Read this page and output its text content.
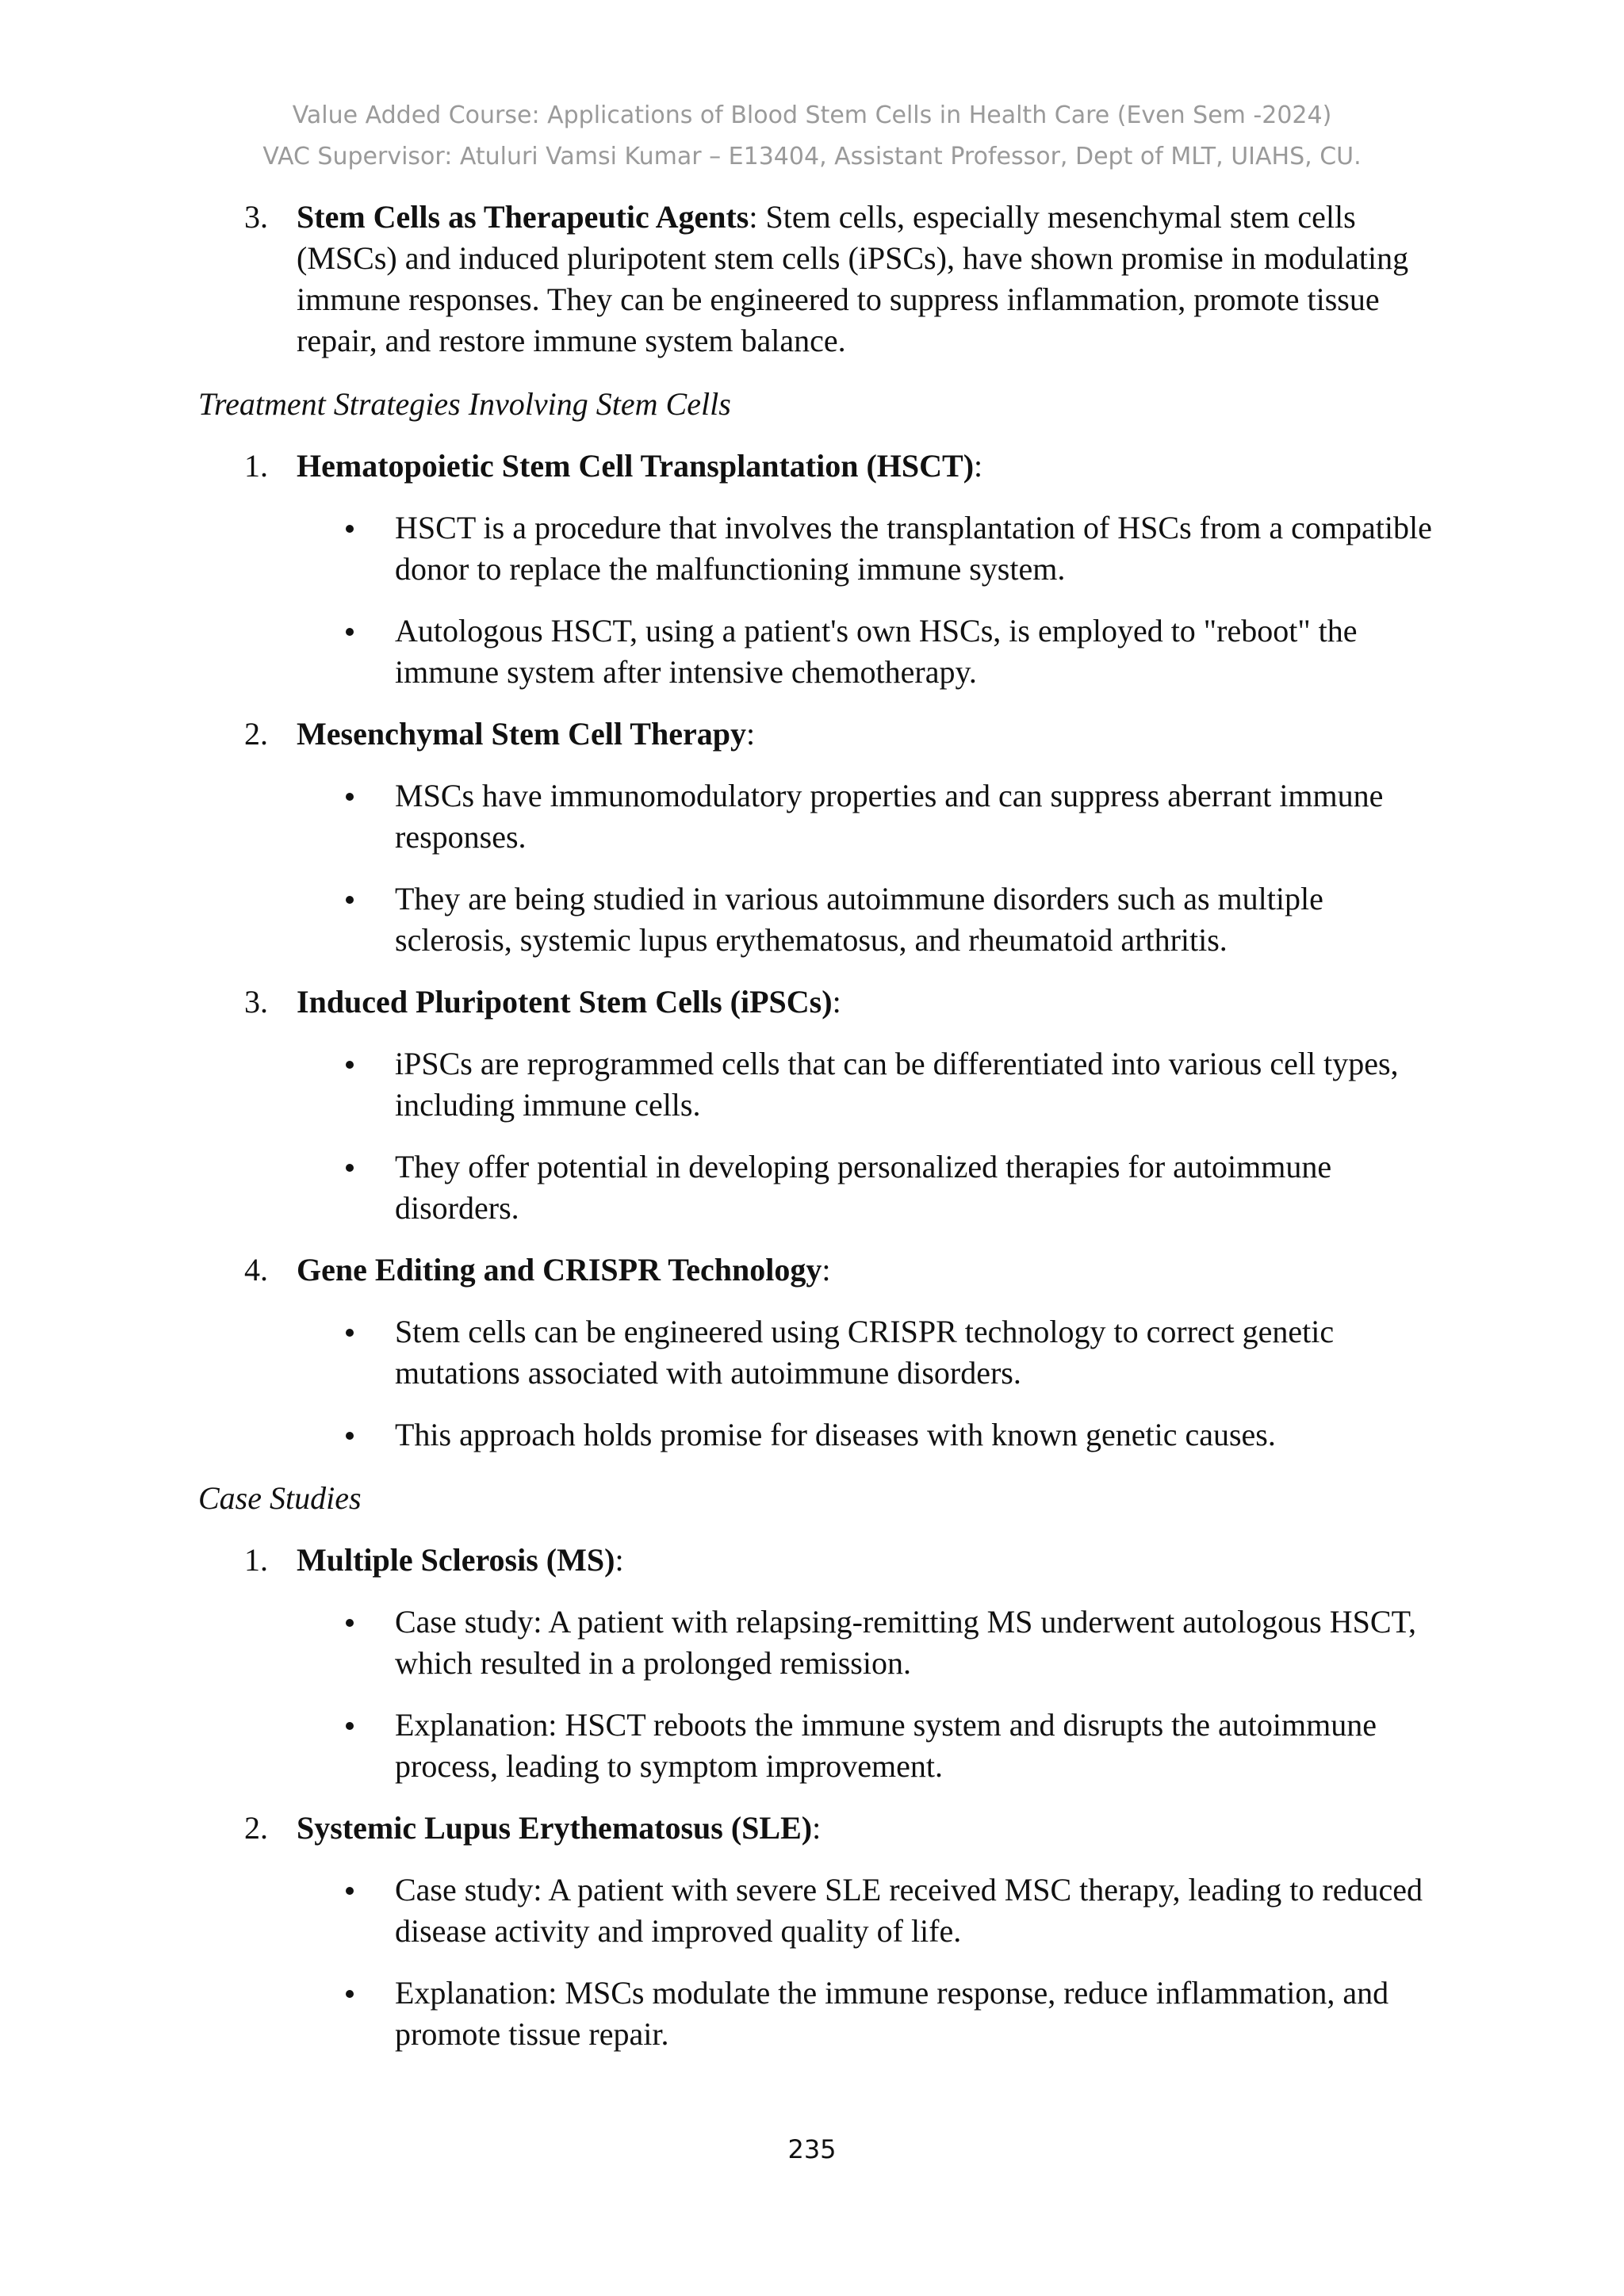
Value Added Course: Applications of Blood Stem Cells in Health Care (Even Sem -2024)
VAC Supervisor: Atuluri Vamsi Kumar – E13404, Assistant Professor, Dept of MLT, UIAHS, CU.
3. Stem Cells as Therapeutic Agents: Stem cells, especially mesenchymal stem cells (MSCs) and induced pluripotent stem cells (iPSCs), have shown promise in modulating immune responses. They can be engineered to suppress inflammation, promote tissue repair, and restore immune system balance.
Treatment Strategies Involving Stem Cells
1. Hematopoietic Stem Cell Transplantation (HSCT):
HSCT is a procedure that involves the transplantation of HSCs from a compatible donor to replace the malfunctioning immune system.
Autologous HSCT, using a patient's own HSCs, is employed to "reboot" the immune system after intensive chemotherapy.
2. Mesenchymal Stem Cell Therapy:
MSCs have immunomodulatory properties and can suppress aberrant immune responses.
They are being studied in various autoimmune disorders such as multiple sclerosis, systemic lupus erythematosus, and rheumatoid arthritis.
3. Induced Pluripotent Stem Cells (iPSCs):
iPSCs are reprogrammed cells that can be differentiated into various cell types, including immune cells.
They offer potential in developing personalized therapies for autoimmune disorders.
4. Gene Editing and CRISPR Technology:
Stem cells can be engineered using CRISPR technology to correct genetic mutations associated with autoimmune disorders.
This approach holds promise for diseases with known genetic causes.
Case Studies
1. Multiple Sclerosis (MS):
Case study: A patient with relapsing-remitting MS underwent autologous HSCT, which resulted in a prolonged remission.
Explanation: HSCT reboots the immune system and disrupts the autoimmune process, leading to symptom improvement.
2. Systemic Lupus Erythematosus (SLE):
Case study: A patient with severe SLE received MSC therapy, leading to reduced disease activity and improved quality of life.
Explanation: MSCs modulate the immune response, reduce inflammation, and promote tissue repair.
235
